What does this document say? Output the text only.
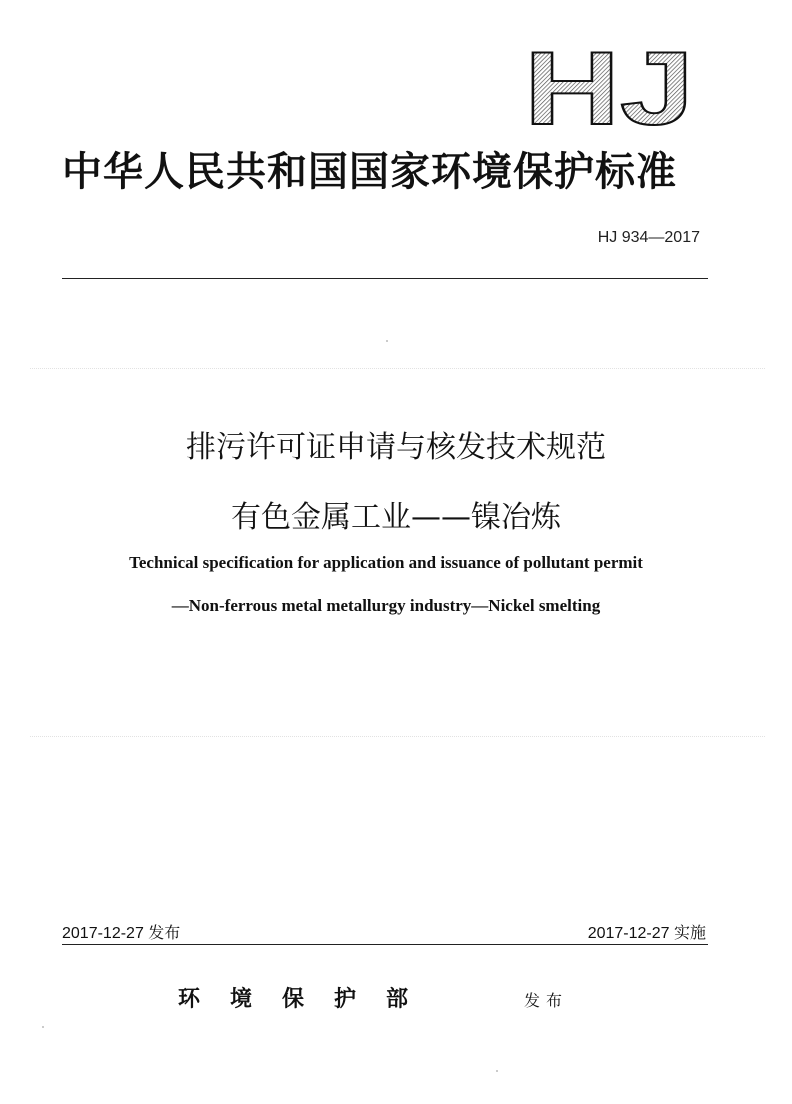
HJ
中华人民共和国国家环境保护标准
HJ 934—2017
排污许可证申请与核发技术规范
有色金属工业——镍冶炼
Technical specification for application and issuance of pollutant permit
—Non-ferrous metal metallurgy industry—Nickel smelting
2017-12-27 发布	2017-12-27 实施
环境保护部	发布
